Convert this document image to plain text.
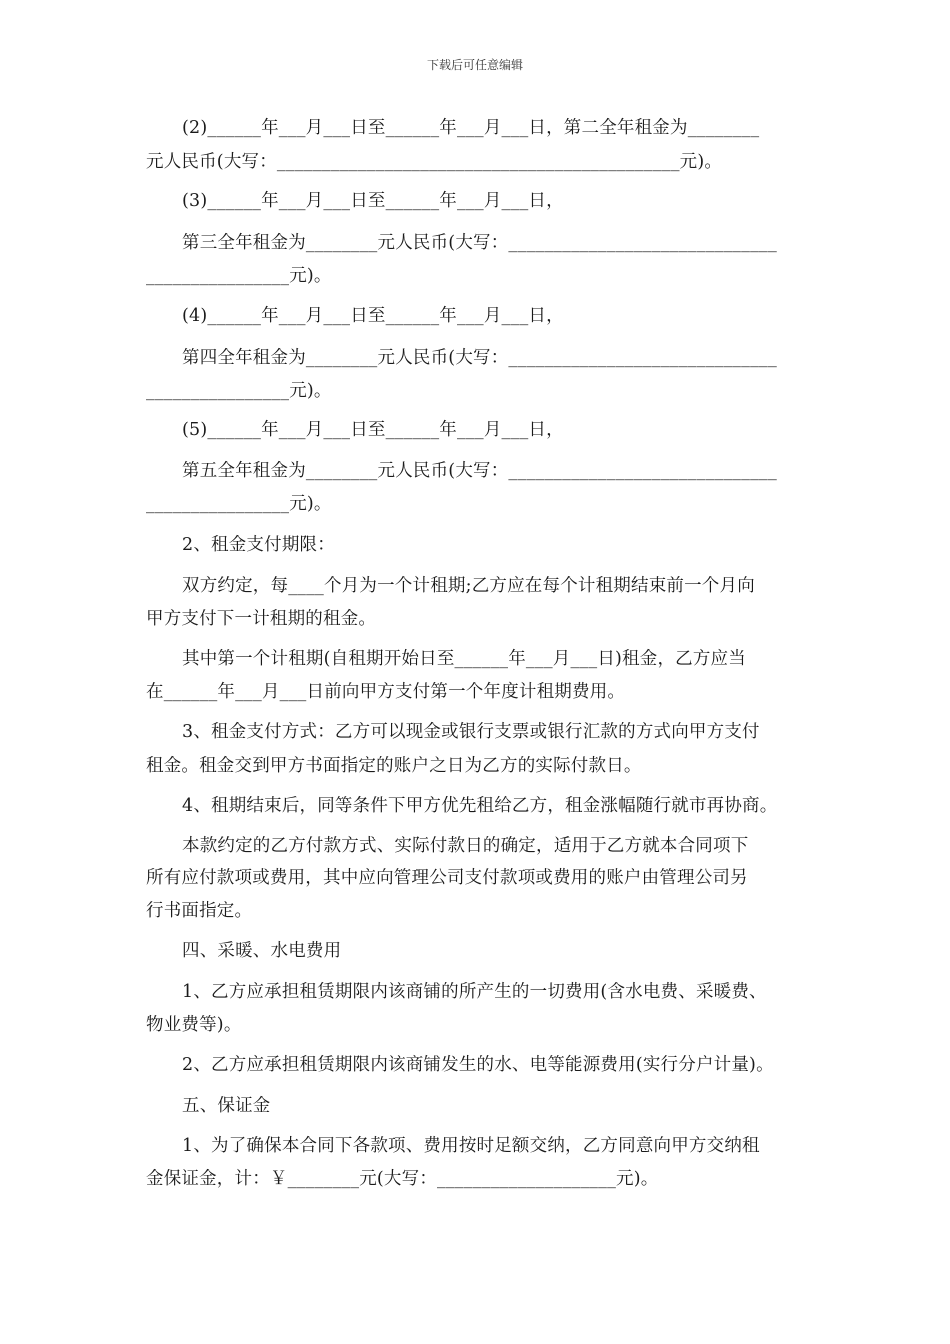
下载后可任意编辑
(2)______年___月___日至______年___月___日，第二全年租金为________
元人民币(大写：_____________________________________________元)。
(3)______年___月___日至______年___月___日，
第三全年租金为________元人民币(大写：______________________________
________________元)。
(4)______年___月___日至______年___月___日，
第四全年租金为________元人民币(大写：______________________________
________________元)。
(5)______年___月___日至______年___月___日，
第五全年租金为________元人民币(大写：______________________________
________________元)。
2、租金支付期限：
双方约定，每____个月为一个计租期;乙方应在每个计租期结束前一个月向
甲方支付下一计租期的租金。
其中第一个计租期(自租期开始日至______年___月___日)租金，乙方应当
在______年___月___日前向甲方支付第一个年度计租期费用。
3、租金支付方式：乙方可以现金或银行支票或银行汇款的方式向甲方支付
租金。租金交到甲方书面指定的账户之日为乙方的实际付款日。
4、租期结束后，同等条件下甲方优先租给乙方，租金涨幅随行就市再协商。
本款约定的乙方付款方式、实际付款日的确定，适用于乙方就本合同项下
所有应付款项或费用，其中应向管理公司支付款项或费用的账户由管理公司另
行书面指定。
四、采暖、水电费用
1、乙方应承担租赁期限内该商铺的所产生的一切费用(含水电费、采暖费、
物业费等)。
2、乙方应承担租赁期限内该商铺发生的水、电等能源费用(实行分户计量)。
五、保证金
1、为了确保本合同下各款项、费用按时足额交纳，乙方同意向甲方交纳租
金保证金，计：￥________元(大写：____________________元)。
